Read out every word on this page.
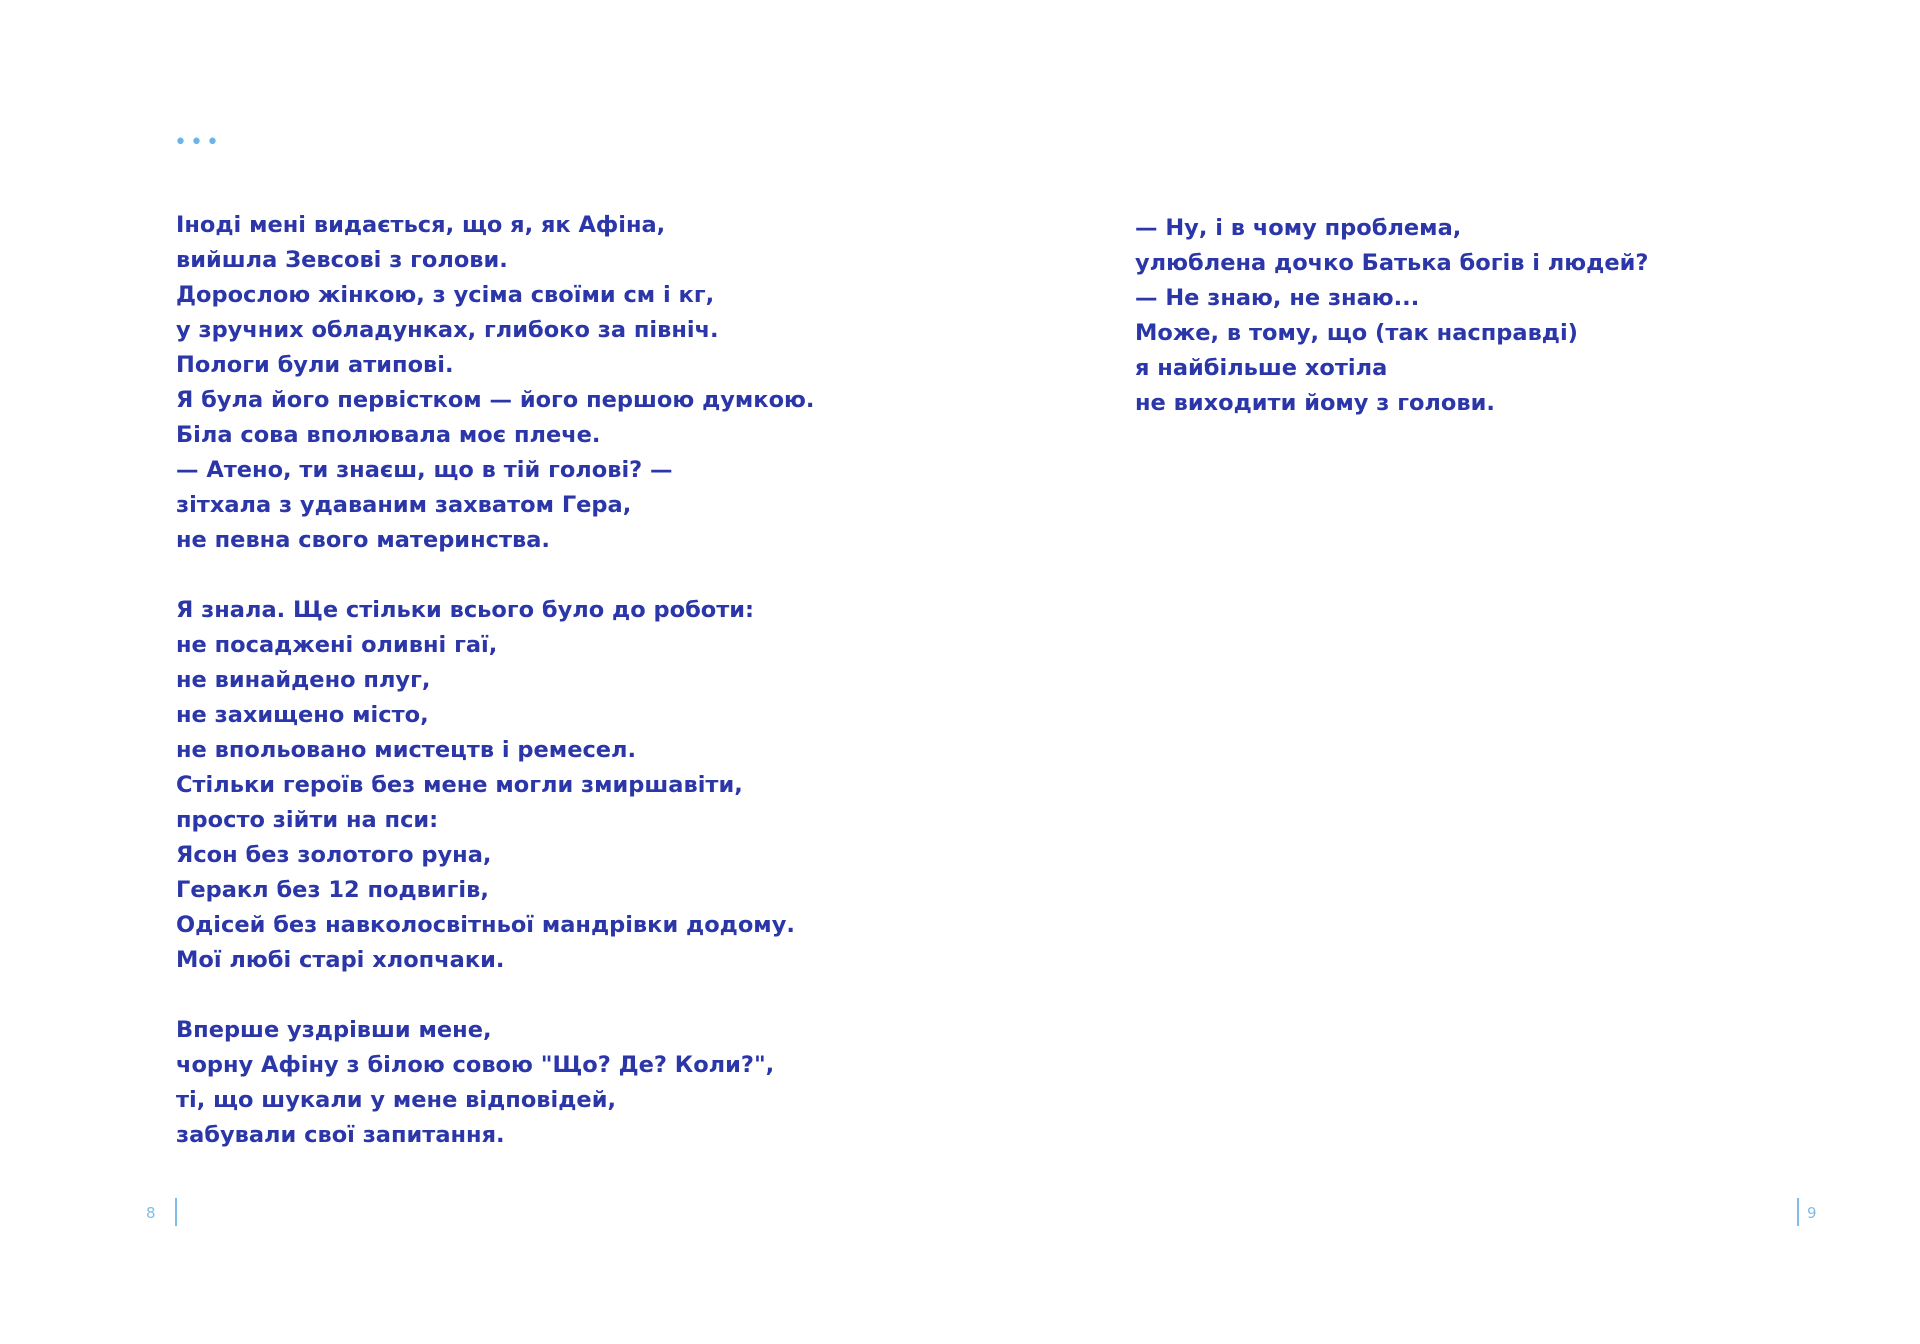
•••
Іноді мені видається, що я, як Афіна,
вийшла Зевсові з голови.
Дорослою жінкою, з усіма своїми см і кг,
у зручних обладунках, глибоко за північ.
Пологи були атипові.
Я була його первістком — його першою думкою.
Біла сова вполювала моє плече.
— Атено, ти знаєш, що в тій голові? —
зітхала з удаваним захватом Гера,
не певна свого материнства.
Я знала. Ще стільки всього було до роботи:
не посаджені оливні гаї,
не винайдено плуг,
не захищено місто,
не впольовано мистецтв і ремесел.
Стільки героїв без мене могли змиршавіти,
просто зійти на пси:
Ясон без золотого руна,
Геракл без 12 подвигів,
Одісей без навколосвітньої мандрівки додому.
Мої любі старі хлопчаки.
Вперше уздрівши мене,
чорну Афіну з білою совою "Що? Де? Коли?",
ті, що шукали у мене відповідей,
забували свої запитання.
— Ну, і в чому проблема,
улюблена дочко Батька богів і людей?
— Не знаю, не знаю...
Може, в тому, що (так насправді)
я найбільше хотіла
не виходити йому з голови.
8	9
